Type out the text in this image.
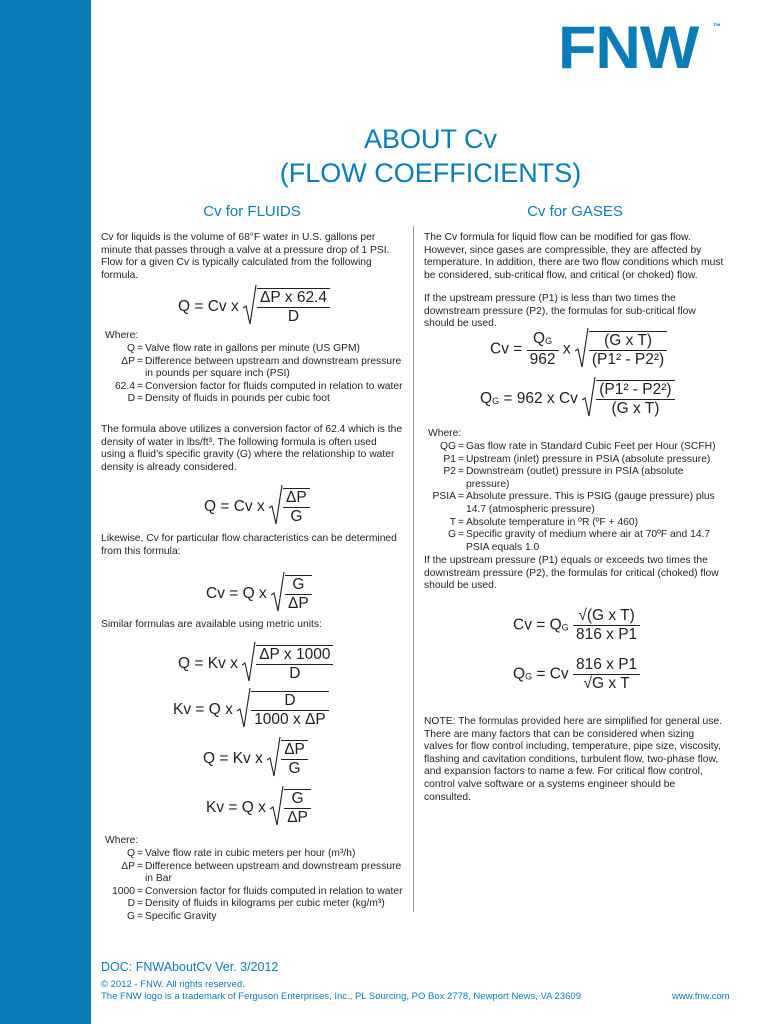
FNW ™
ABOUT Cv
(FLOW COEFFICIENTS)
Cv for FLUIDS	Cv for GASES
Cv for liquids is the volume of 68°F water in U.S. gallons per minute that passes through a valve at a pressure drop of 1 PSI. Flow for a given Cv is typically calculated from the following formula.
Q = Cv x $\frac{\text{ΔP x 62.4}}{D}$
Where:
Q = Valve flow rate in gallons per minute (US GPM)
ΔP = Difference between upstream and downstream pressure in pounds per square inch (PSI)
62.4 = Conversion factor for fluids computed in relation to water
D = Density of fluids in pounds per cubic foot
The formula above utilizes a conversion factor of 62.4 which is the density of water in lbs/ft³. The following formula is often used using a fluid’s specific gravity (G) where the relationship to water density is already considered.
Q = Cv x $\frac{\Delta P}{G}$
Likewise, Cv for particular flow characteristics can be determined from this formula:
Cv = Q x $\frac{G}{\Delta P}$
Similar formulas are available using metric units:
Q = Kv x $\frac{\text{ΔP x 1000}}{D}$
Kv = Q x $\frac{D}{\text{1000 x ΔP}}$
Q = Kv x $\frac{\Delta P}{G}$
Kv = Q x $\frac{G}{\Delta P}$
Where:
Q = Valve flow rate in cubic meters per hour (m³/h)
ΔP = Difference between upstream and downstream pressure in Bar
1000 = Conversion factor for fluids computed in relation to water
D = Density of fluids in kilograms per cubic meter (kg/m³)
G = Specific Gravity
The Cv formula for liquid flow can be modified for gas flow. However, since gases are compressible, they are affected by temperature. In addition, there are two flow conditions which must be considered, sub-critical flow, and critical (or choked) flow.
If the upstream pressure (P1) is less than two times the downstream pressure (P2), the formulas for sub-critical flow should be used.
$Cv = \frac{Q_G}{962}$ x $\frac{\text{(G x T)}}{\text{(P1² - P2²)}}$
$Q_G = 962$ x Cv $\frac{\text{(P1² - P2²)}}{\text{(G x T)}}$
Where:
QG = Gas flow rate in Standard Cubic Feet per Hour (SCFH)
P1 = Upstream (inlet) pressure in PSIA (absolute pressure)
P2 = Downstream (outlet) pressure in PSIA (absolute pressure)
PSIA = Absolute pressure. This is PSIG (gauge pressure) plus 14.7 (atmospheric pressure)
T = Absolute temperature in ºR (ºF + 460)
G = Specific gravity of medium where air at 70ºF and 14.7 PSIA equals 1.0
If the upstream pressure (P1) equals or exceeds two times the downstream pressure (P2), the formulas for critical (choked) flow should be used.
$Cv = Q_G \frac{\text{√(G x T)}}{\text{816 x P1}}$
$Q_G = Cv \frac{\text{816 x P1}}{\text{√G x T}}$
NOTE: The formulas provided here are simplified for general use. There are many factors that can be considered when sizing valves for flow control including, temperature, pipe size, viscosity, flashing and cavitation conditions, turbulent flow, two-phase flow, and expansion factors to name a few. For critical flow control, control valve software or a systems engineer should be consulted.
DOC: FNWAboutCv Ver. 3/2012
© 2012 - FNW. All rights reserved.
The FNW logo is a trademark of Ferguson Enterprises, Inc., PL Sourcing, PO Box 2778, Newport News, VA 23609	www.fnw.com
